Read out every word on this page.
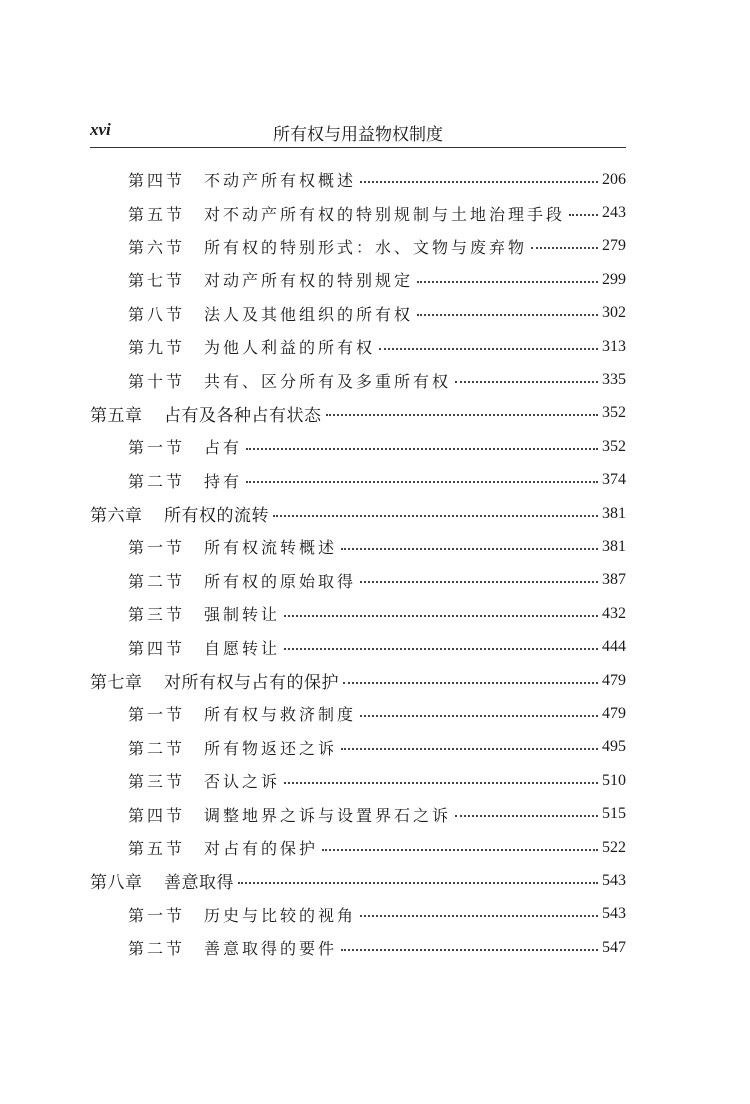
xvi	所有权与用益物权制度
第四节	不动产所有权概述	206
第五节	对不动产所有权的特别规制与土地治理手段 243
第六节	所有权的特别形式：水、文物与废弃物	279
第七节	对动产所有权的特别规定	299
第八节	法人及其他组织的所有权	302
第九节	为他人利益的所有权	313
第十节	共有、区分所有及多重所有权	335
第五章	占有及各种占有状态	352
第一节	占有	352
第二节	持有	374
第六章	所有权的流转	381
第一节	所有权流转概述	381
第二节	所有权的原始取得	387
第三节	强制转让	432
第四节	自愿转让	444
第七章	对所有权与占有的保护	479
第一节	所有权与救济制度	479
第二节	所有物返还之诉	495
第三节	否认之诉	510
第四节	调整地界之诉与设置界石之诉	515
第五节	对占有的保护	522
第八章	善意取得	543
第一节	历史与比较的视角	543
第二节	善意取得的要件	547
